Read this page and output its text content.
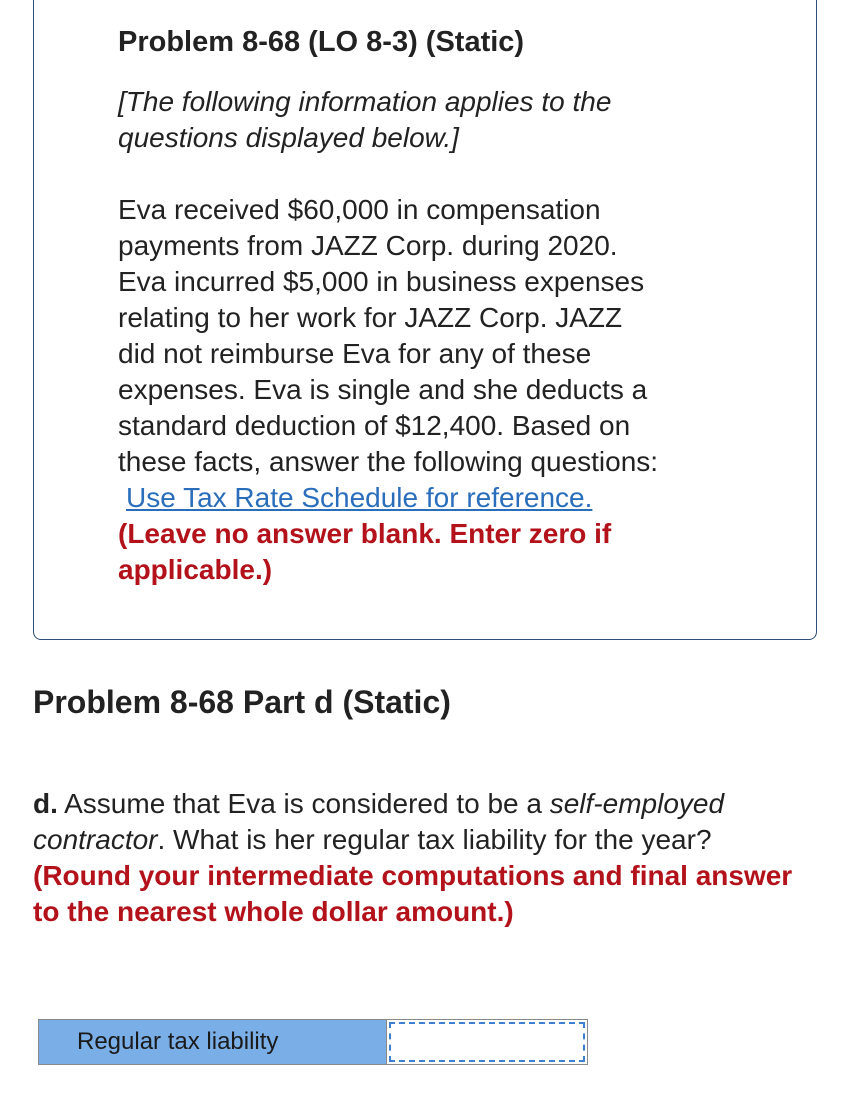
Problem 8-68 (LO 8-3) (Static)
[The following information applies to the
questions displayed below.]
Eva received $60,000 in compensation
payments from JAZZ Corp. during 2020.
Eva incurred $5,000 in business expenses
relating to her work for JAZZ Corp. JAZZ
did not reimburse Eva for any of these
expenses. Eva is single and she deducts a
standard deduction of $12,400. Based on
these facts, answer the following questions:
Use Tax Rate Schedule for reference.
(Leave no answer blank. Enter zero if
applicable.)
Problem 8-68 Part d (Static)
d. Assume that Eva is considered to be a self-employed
contractor. What is her regular tax liability for the year?
(Round your intermediate computations and final answer
to the nearest whole dollar amount.)
Regular tax liability
